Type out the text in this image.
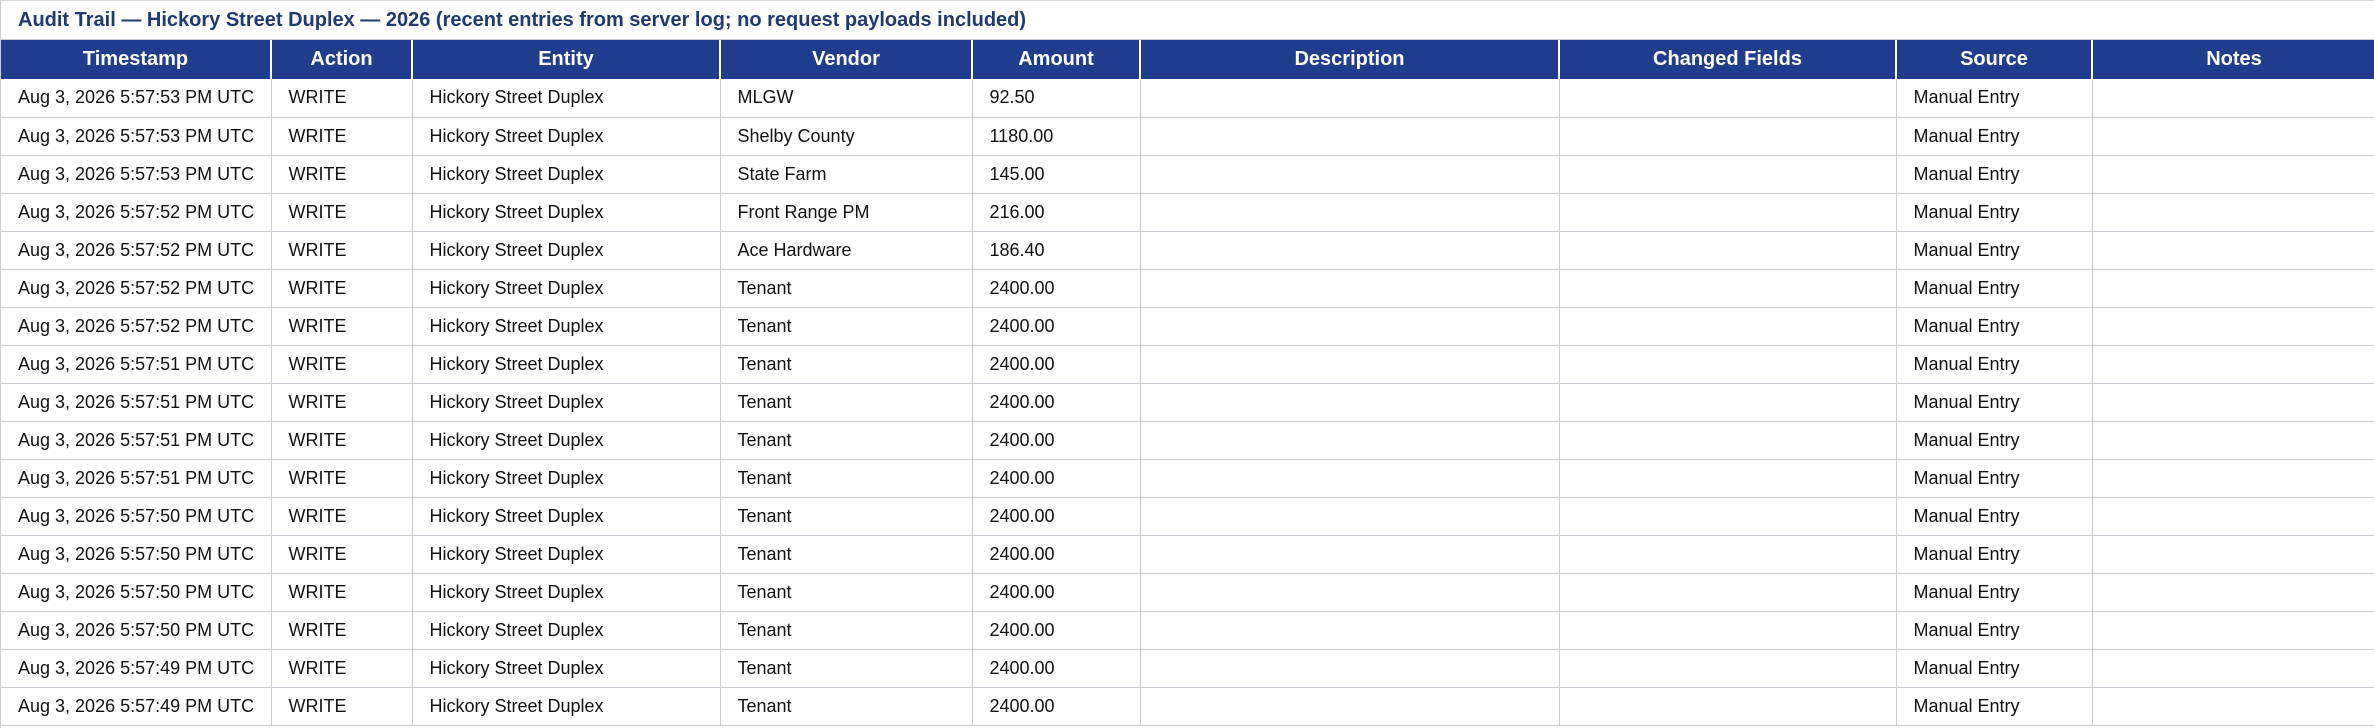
Audit Trail — Hickory Street Duplex — 2026 (recent entries from server log; no request payloads included)
Timestamp	Action	Entity	Vendor	Amount	Description	Changed Fields	Source	Notes
Aug 3, 2026 5:57:53 PM UTC	WRITE	Hickory Street Duplex	MLGW	92.50			Manual Entry	
Aug 3, 2026 5:57:53 PM UTC	WRITE	Hickory Street Duplex	Shelby County	1180.00			Manual Entry	
Aug 3, 2026 5:57:53 PM UTC	WRITE	Hickory Street Duplex	State Farm	145.00			Manual Entry	
Aug 3, 2026 5:57:52 PM UTC	WRITE	Hickory Street Duplex	Front Range PM	216.00			Manual Entry	
Aug 3, 2026 5:57:52 PM UTC	WRITE	Hickory Street Duplex	Ace Hardware	186.40			Manual Entry	
Aug 3, 2026 5:57:52 PM UTC	WRITE	Hickory Street Duplex	Tenant	2400.00			Manual Entry	
Aug 3, 2026 5:57:52 PM UTC	WRITE	Hickory Street Duplex	Tenant	2400.00			Manual Entry	
Aug 3, 2026 5:57:51 PM UTC	WRITE	Hickory Street Duplex	Tenant	2400.00			Manual Entry	
Aug 3, 2026 5:57:51 PM UTC	WRITE	Hickory Street Duplex	Tenant	2400.00			Manual Entry	
Aug 3, 2026 5:57:51 PM UTC	WRITE	Hickory Street Duplex	Tenant	2400.00			Manual Entry	
Aug 3, 2026 5:57:51 PM UTC	WRITE	Hickory Street Duplex	Tenant	2400.00			Manual Entry	
Aug 3, 2026 5:57:50 PM UTC	WRITE	Hickory Street Duplex	Tenant	2400.00			Manual Entry	
Aug 3, 2026 5:57:50 PM UTC	WRITE	Hickory Street Duplex	Tenant	2400.00			Manual Entry	
Aug 3, 2026 5:57:50 PM UTC	WRITE	Hickory Street Duplex	Tenant	2400.00			Manual Entry	
Aug 3, 2026 5:57:50 PM UTC	WRITE	Hickory Street Duplex	Tenant	2400.00			Manual Entry	
Aug 3, 2026 5:57:49 PM UTC	WRITE	Hickory Street Duplex	Tenant	2400.00			Manual Entry	
Aug 3, 2026 5:57:49 PM UTC	WRITE	Hickory Street Duplex	Tenant	2400.00			Manual Entry	
